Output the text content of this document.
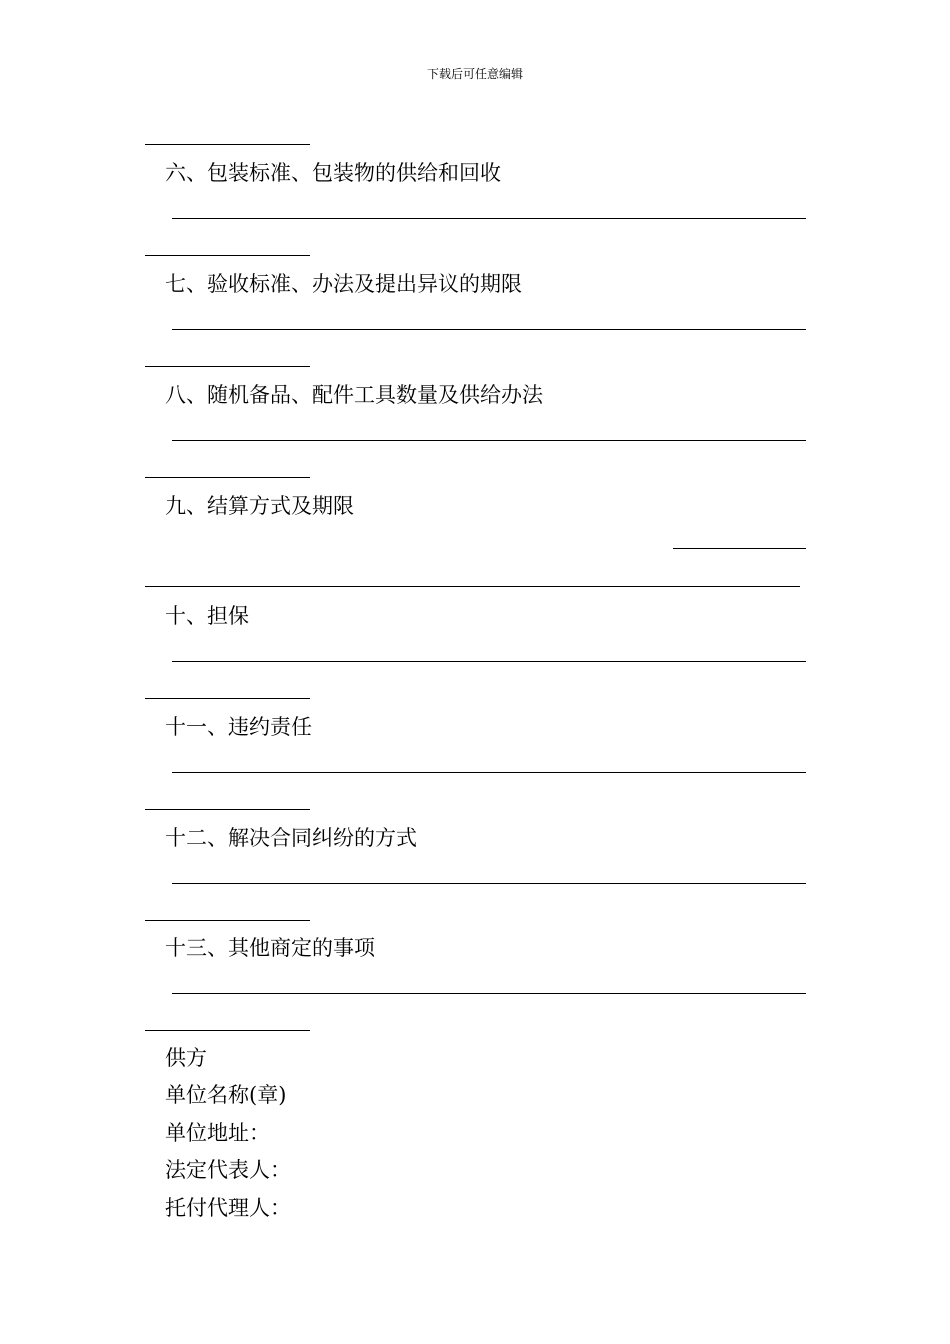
下载后可任意编辑
六、包装标准、包装物的供给和回收
七、验收标准、办法及提出异议的期限
八、随机备品、配件工具数量及供给办法
九、结算方式及期限
十、担保
十一、违约责任
十二、解决合同纠纷的方式
十三、其他商定的事项
供方
单位名称(章)
单位地址：
法定代表人：
托付代理人：
